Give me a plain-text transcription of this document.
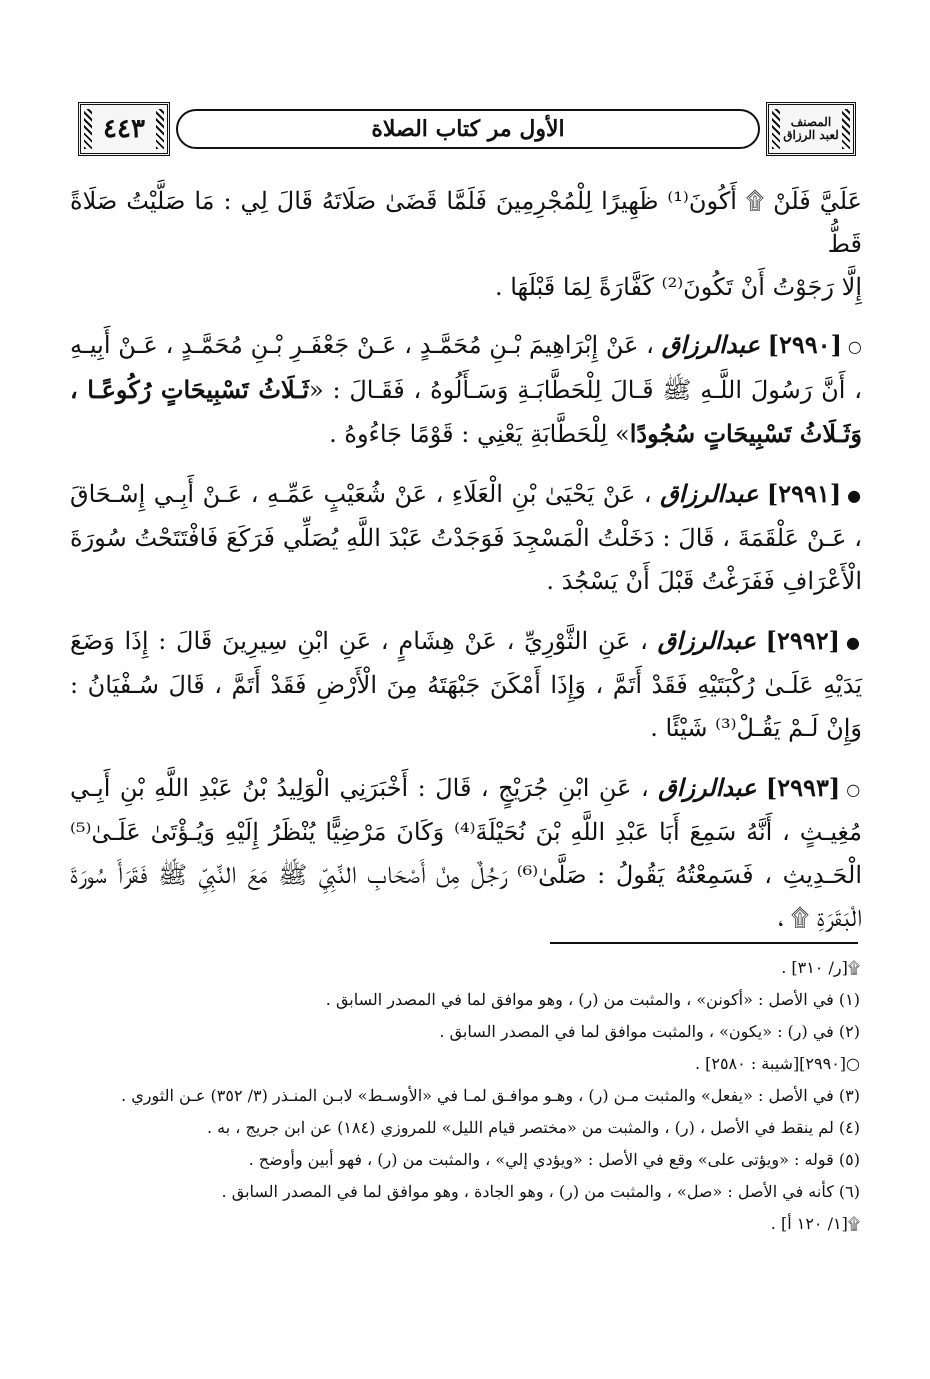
المصنف
لعبد الرزاق
الأول مر كتاب الصلاة
٤٤٣

عَلَيَّ فَلَنْ ۩ أَكُونَ⁽¹⁾ ظَهِيرًا لِلْمُجْرِمِينَ فَلَمَّا قَضَىٰ صَلَاتَهُ قَالَ لِي : مَا صَلَّيْتُ صَلَاةً قَطُّ
إِلَّا رَجَوْتُ أَنْ تَكُونَ⁽²⁾ كَفَّارَةً لِمَا قَبْلَهَا .

○[٢٩٩٠] عبدالرزاق ، عَنْ إِبْرَاهِيمَ بْـنِ مُحَمَّـدٍ ، عَـنْ جَعْفَـرِ بْـنِ مُحَمَّـدٍ ، عَـنْ أَبِيـهِ ، أَنَّ رَسُولَ اللَّـهِ ﷺ قَـالَ لِلْحَطَّابَـةِ وَسَـأَلُوهُ ، فَقَـالَ : «ثَـلَاثُ تَسْبِيحَاتٍ رُكُوعًـا ، وَثَـلَاثُ تَسْبِيحَاتٍ سُجُودًا» لِلْحَطَّابَةِ يَعْنِي : قَوْمًا جَاءُوهُ .

●[٢٩٩١] عبدالرزاق ، عَنْ يَحْيَىٰ بْنِ الْعَلَاءِ ، عَنْ شُعَيْبٍ عَمِّـهِ ، عَـنْ أَبِـي إِسْـحَاقَ ، عَـنْ عَلْقَمَةَ ، قَالَ : دَخَلْتُ الْمَسْجِدَ فَوَجَدْتُ عَبْدَ اللَّهِ يُصَلِّي فَرَكَعَ فَافْتَتَحْتُ سُورَةَ الْأَعْرَافِ فَفَرَغْتُ قَبْلَ أَنْ يَسْجُدَ .

●[٢٩٩٢] عبدالرزاق ، عَنِ الثَّوْرِيِّ ، عَنْ هِشَامٍ ، عَنِ ابْنِ سِيرِينَ قَالَ : إِذَا وَضَعَ يَدَيْهِ عَلَـىٰ رُكْبَتَيْهِ فَقَدْ أَتَمَّ ، وَإِذَا أَمْكَنَ جَبْهَتَهُ مِنَ الْأَرْضِ فَقَدْ أَتَمَّ ، قَالَ سُـفْيَانُ : وَإِنْ لَـمْ يَقُـلْ⁽³⁾ شَيْئًا .

○[٢٩٩٣] عبدالرزاق ، عَنِ ابْنِ جُرَيْجٍ ، قَالَ : أَخْبَرَنِي الْوَلِيدُ بْنُ عَبْدِ اللَّهِ بْنِ أَبِـي مُغِيـثٍ ، أَنَّهُ سَمِعَ أَبَا عَبْدِ اللَّهِ بْنَ نُحَيْلَةَ⁽⁴⁾ وَكَانَ مَرْضِيًّا يُنْظَرُ إِلَيْهِ وَيُـؤْتَىٰ عَلَـىٰ⁽⁵⁾ الْحَـدِيثِ ، فَسَمِعْتُهُ يَقُولُ : صَلَّىٰ⁽⁶⁾ رَجُلٌ مِنْ أَصْحَابِ النَّبِيِّ ﷺ مَعَ النَّبِيِّ ﷺ فَقَرَأَ سُورَةَ الْبَقَرَةِ ۩ ،

۩[ر/ ٣١٠] .

(١) في الأصل : «أكونن» ، والمثبت من (ر) ، وهو موافق لما في المصدر السابق .

(٢) في (ر) : «يكون» ، والمثبت موافق لما في المصدر السابق .

○[٢٩٩٠][شيبة : ٢٥٨٠] .

(٣) في الأصل : «يفعل» والمثبت مـن (ر) ، وهـو موافـق لمـا في «الأوسـط» لابـن المنـذر (٣/ ٣٥٢) عـن الثوري .

(٤) لم ينقط في الأصل ، (ر) ، والمثبت من «مختصر قيام الليل» للمروزي (١٨٤) عن ابن جريج ، به .

(٥) قوله : «ويؤتى على» وقع في الأصل : «ويؤدي إلي» ، والمثبت من (ر) ، فهو أبين وأوضح .

(٦) كأنه في الأصل : «صل» ، والمثبت من (ر) ، وهو الجادة ، وهو موافق لما في المصدر السابق .

۩[١/ ١٢٠ أ] .
